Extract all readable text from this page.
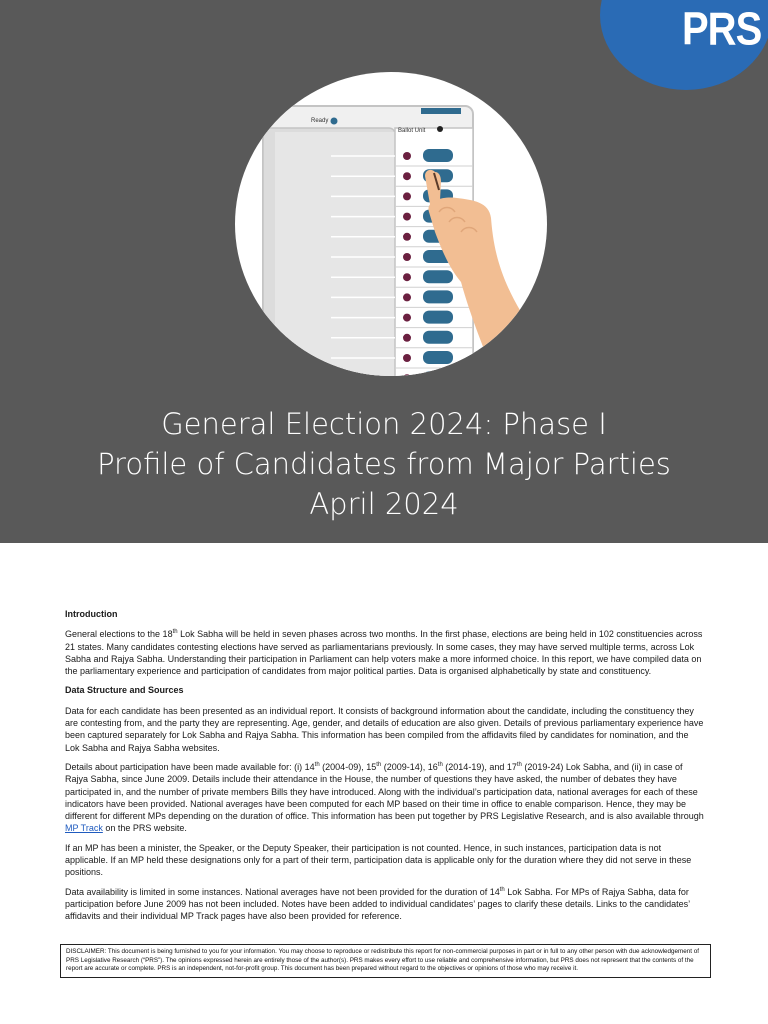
PRS
Ready
Ballot Unit
General Election 2024: Phase I
Profile of Candidates from Major Parties
April 2024
Introduction

General elections to the 18th Lok Sabha will be held in seven phases across two months. In the first phase, elections are being held in 102 constituencies across 21 states. Many candidates contesting elections have served as parliamentarians previously. In some cases, they may have served multiple terms, across Lok Sabha and Rajya Sabha. Understanding their participation in Parliament can help voters make a more informed choice. In this report, we have compiled data on the parliamentary experience and participation of candidates from major political parties. Data is organised alphabetically by state and constituency.

Data Structure and Sources

Data for each candidate has been presented as an individual report. It consists of background information about the candidate, including the constituency they are contesting from, and the party they are representing. Age, gender, and details of education are also given. Details of previous parliamentary experience have been captured separately for Lok Sabha and Rajya Sabha. This information has been compiled from the affidavits filed by candidates for nomination, and the Lok Sabha and Rajya Sabha websites.

Details about participation have been made available for: (i) 14th (2004-09), 15th (2009-14), 16th (2014-19), and 17th (2019-24) Lok Sabha, and (ii) in case of Rajya Sabha, since June 2009. Details include their attendance in the House, the number of questions they have asked, the number of debates they have participated in, and the number of private members Bills they have introduced. Along with the individual’s participation data, national averages for each of these indicators have been provided. National averages have been computed for each MP based on their time in office to enable comparison. Hence, they may be different for different MPs depending on the duration of office. This information has been put together by PRS Legislative Research, and is also available through MP Track on the PRS website.

If an MP has been a minister, the Speaker, or the Deputy Speaker, their participation is not counted. Hence, in such instances, participation data is not applicable. If an MP held these designations only for a part of their term, participation data is applicable only for the duration where they did not serve in these positions.

Data availability is limited in some instances. National averages have not been provided for the duration of 14th Lok Sabha. For MPs of Rajya Sabha, data for participation before June 2009 has not been included. Notes have been added to individual candidates’ pages to clarify these details. Links to the candidates’ affidavits and their individual MP Track pages have also been provided for reference.

DISCLAIMER: This document is being furnished to you for your information. You may choose to reproduce or redistribute this report for non-commercial purposes in part or in full to any other person with due acknowledgement of PRS Legislative Research (“PRS”). The opinions expressed herein are entirely those of the author(s). PRS makes every effort to use reliable and comprehensive information, but PRS does not represent that the contents of the report are accurate or complete. PRS is an independent, not-for-profit group. This document has been prepared without regard to the objectives or opinions of those who may receive it.
